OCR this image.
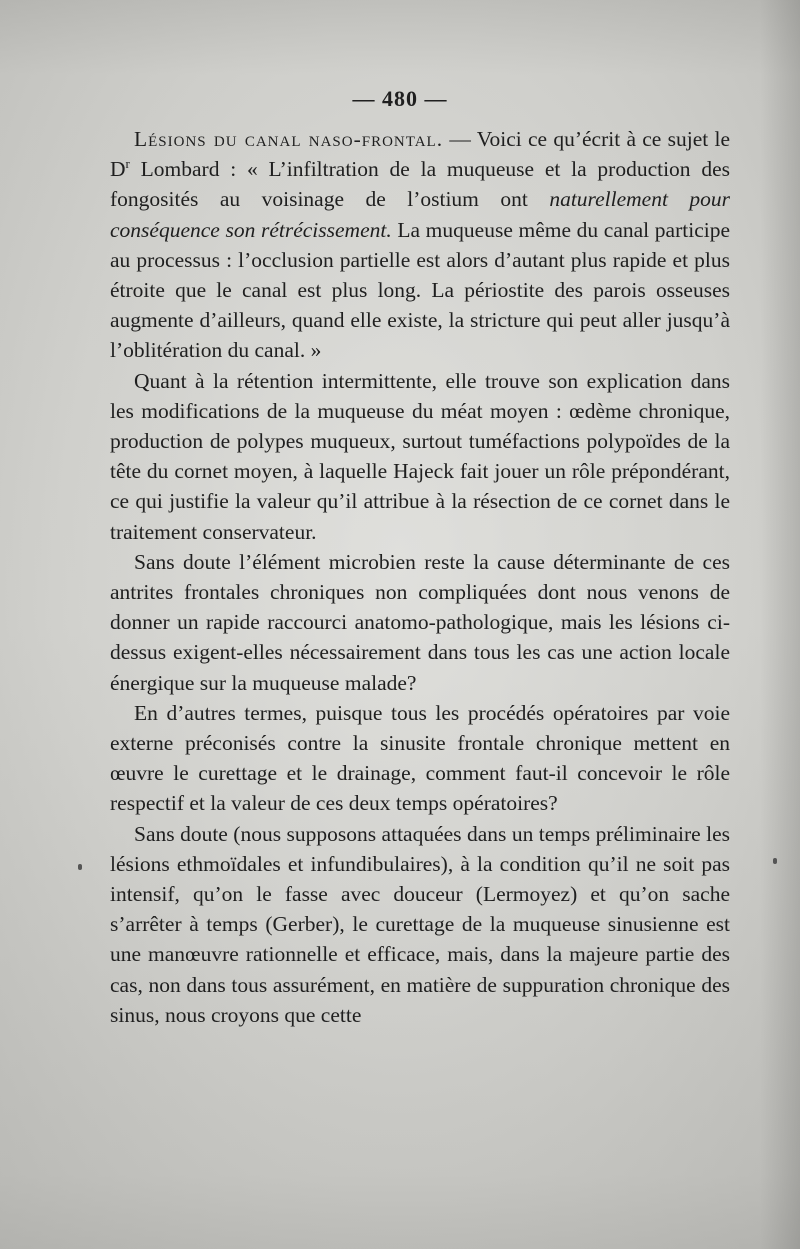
— 480 —

Lésions du canal naso-frontal. — Voici ce qu’écrit à ce sujet le $D^r$ Lombard : « L’infiltration de la muqueuse et la production des fongosités au voisinage de l’ostium ont naturellement pour conséquence son rétrécissement. La muqueuse même du canal participe au processus : l’occlusion partielle est alors d’autant plus rapide et plus étroite que le canal est plus long. La périostite des parois osseuses augmente d’ailleurs, quand elle existe, la stricture qui peut aller jusqu’à l’oblitération du canal. »

Quant à la rétention intermittente, elle trouve son explication dans les modifications de la muqueuse du méat moyen : œdème chronique, production de polypes muqueux, surtout tuméfactions polypoïdes de la tête du cornet moyen, à laquelle Hajeck fait jouer un rôle prépondérant, ce qui justifie la valeur qu’il attribue à la résection de ce cornet dans le traitement conservateur.

Sans doute l’élément microbien reste la cause déterminante de ces antrites frontales chroniques non compliquées dont nous venons de donner un rapide raccourci anatomo-pathologique, mais les lésions ci-dessus exigent-elles nécessairement dans tous les cas une action locale énergique sur la muqueuse malade?

En d’autres termes, puisque tous les procédés opératoires par voie externe préconisés contre la sinusite frontale chronique mettent en œuvre le curettage et le drainage, comment faut-il concevoir le rôle respectif et la valeur de ces deux temps opératoires?

Sans doute (nous supposons attaquées dans un temps préliminaire les lésions ethmoïdales et infundibulaires), à la condition qu’il ne soit pas intensif, qu’on le fasse avec douceur (Lermoyez) et qu’on sache s’arrêter à temps (Gerber), le curettage de la muqueuse sinusienne est une manœuvre rationnelle et efficace, mais, dans la majeure partie des cas, non dans tous assurément, en matière de suppuration chronique des sinus, nous croyons que cette
